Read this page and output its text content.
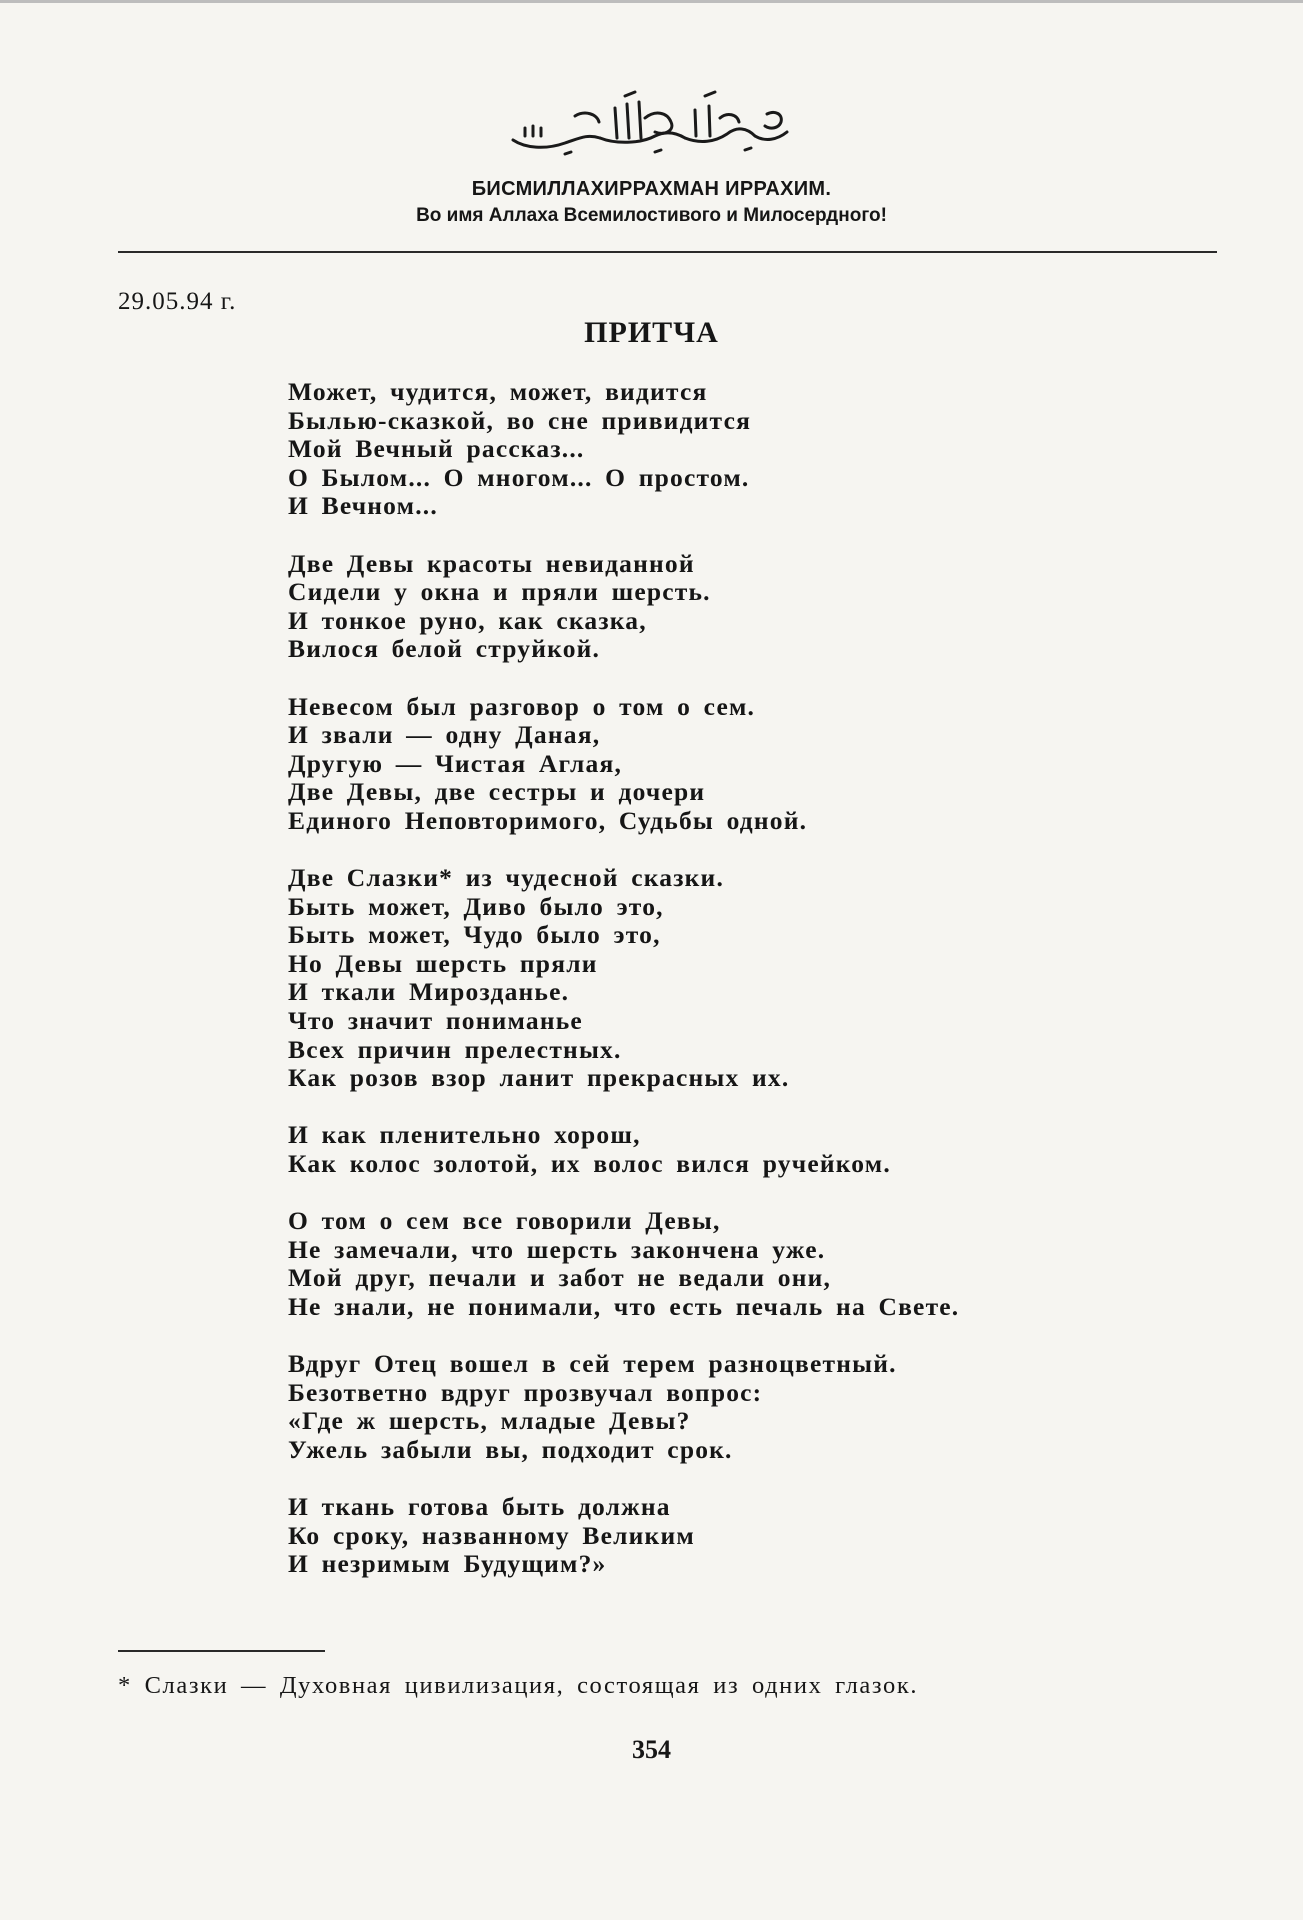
БИСМИЛЛАХИРРАХМАН ИРРАХИМ.
Во имя Аллаха Всемилостивого и Милосердного!
29.05.94 г.
ПРИТЧА
Может, чудится, может, видится
Былью-сказкой, во сне привидится
Мой Вечный рассказ...
О Былом... О многом... О простом.
И Вечном...
Две Девы красоты невиданной
Сидели у окна и пряли шерсть.
И тонкое руно, как сказка,
Вилося белой струйкой.
Невесом был разговор о том о сем.
И звали — одну Даная,
Другую — Чистая Аглая,
Две Девы, две сестры и дочери
Единого Неповторимого, Судьбы одной.
Две Слазки* из чудесной сказки.
Быть может, Диво было это,
Быть может, Чудо было это,
Но Девы шерсть пряли
И ткали Мирозданье.
Что значит пониманье
Всех причин прелестных.
Как розов взор ланит прекрасных их.
И как пленительно хорош,
Как колос золотой, их волос вился ручейком.
О том о сем все говорили Девы,
Не замечали, что шерсть закончена уже.
Мой друг, печали и забот не ведали они,
Не знали, не понимали, что есть печаль на Свете.
Вдруг Отец вошел в сей терем разноцветный.
Безответно вдруг прозвучал вопрос:
«Где ж шерсть, младые Девы?
Ужель забыли вы, подходит срок.
И ткань готова быть должна
Ко сроку, названному Великим
И незримым Будущим?»
* Слазки — Духовная цивилизация, состоящая из одних глазок.
354
